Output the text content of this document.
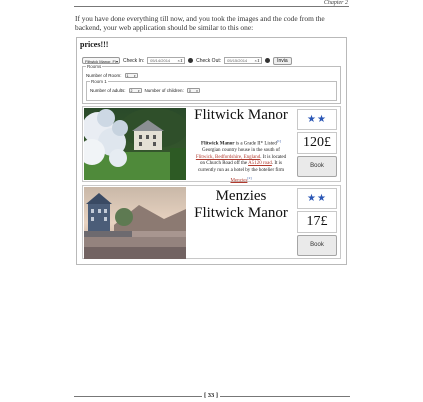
Chapter 2

If you have done everything till now, and you took the images and the code from the backend, your web application should be similar to this one:

prices!!!
Flitwick Manor, Fl ▾ Check In:	05/14/2014 ×⇕	Check Out:	05/15/2014 ×⇕	Invia
Rooms
Number of Room:	1 ▾
Room 1
Number of adults:	2 ▾ Number of children:	0 ▾
Flitwick Manor
Flitwick Manor is a Grade II* Listed[1] Georgian country house in the south of Flitwick, Bedfordshire, England. It is located on Church Road off the A5120 road. It is currently run as a hotel by the hotelier firm Menzies[2]
★★
120£
Book
Menzies Flitwick Manor
★★
17£
Book
[ 33 ]
